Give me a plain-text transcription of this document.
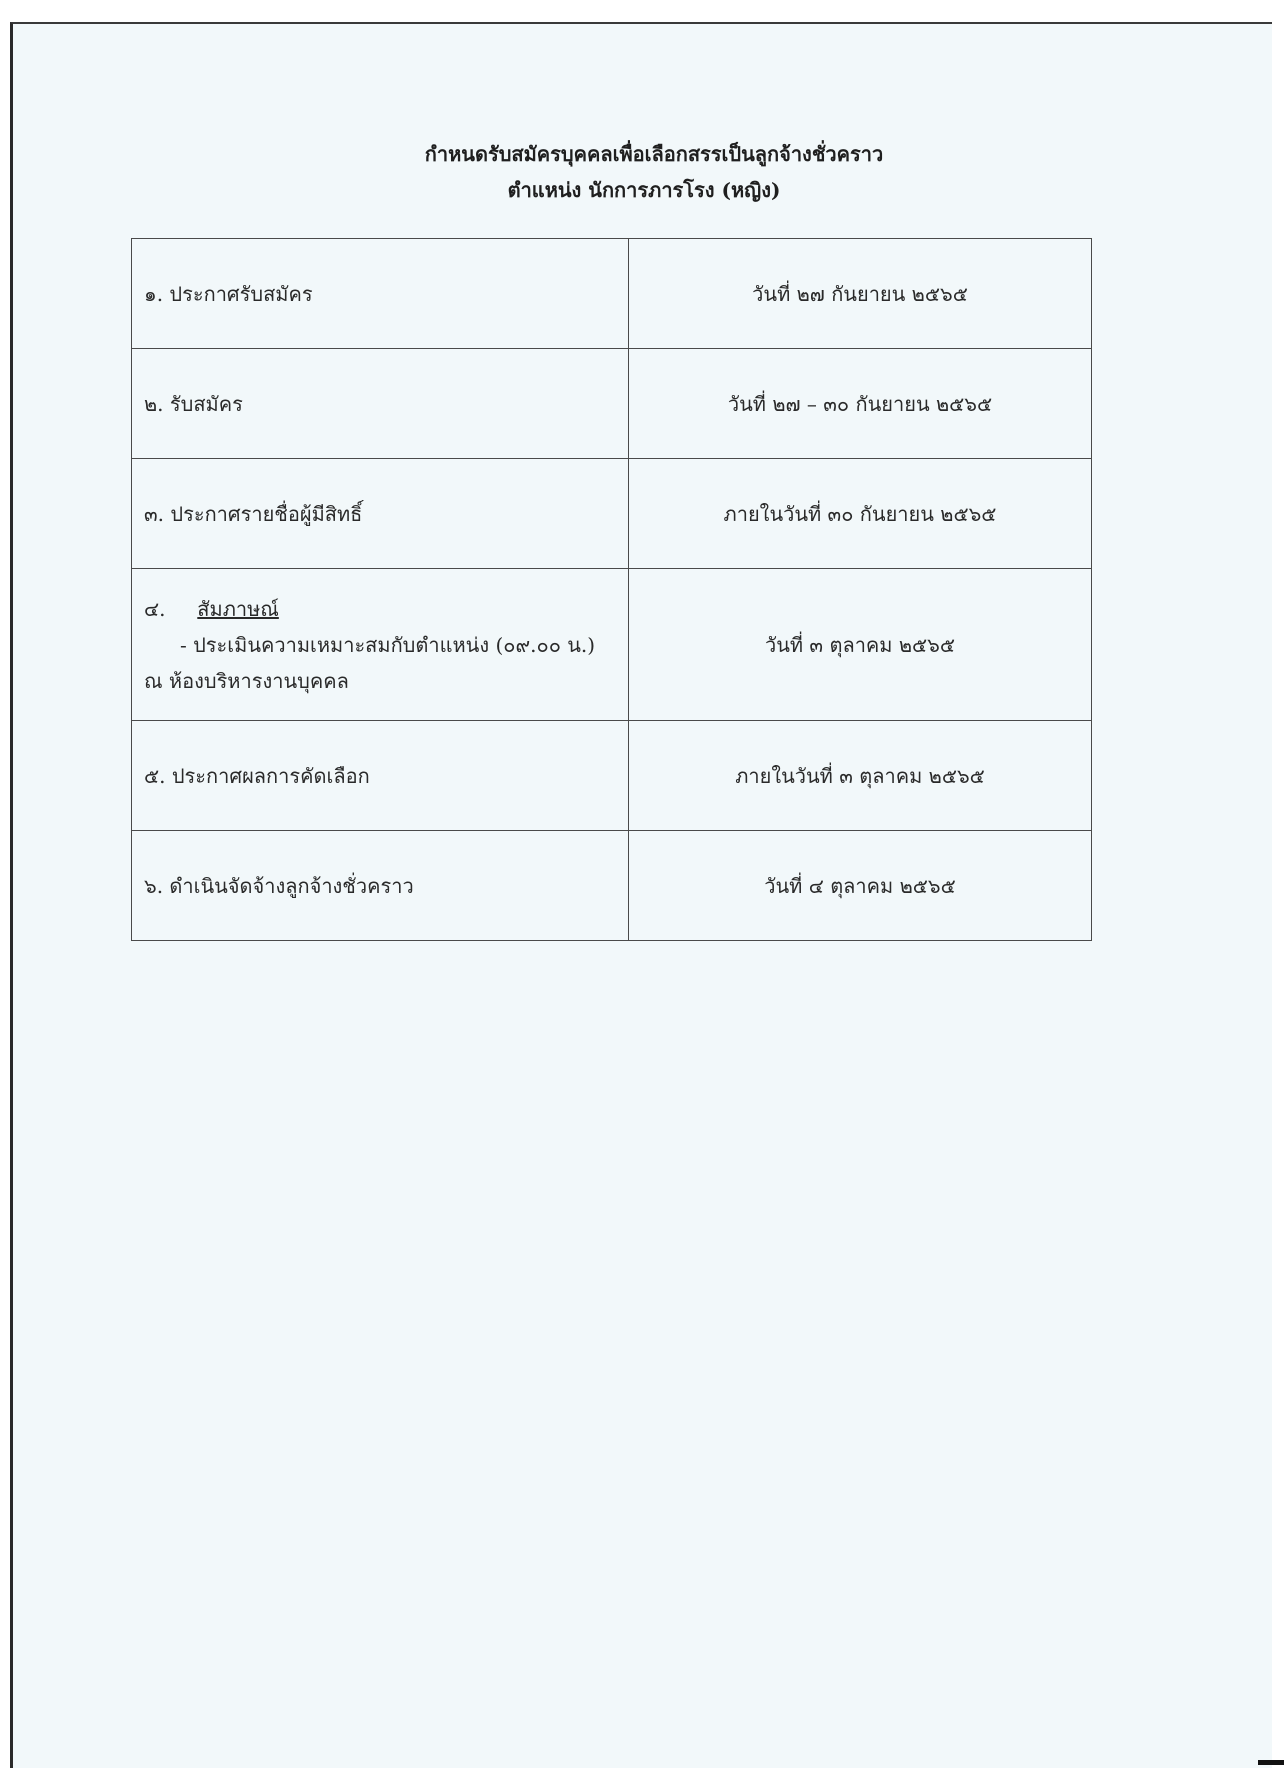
กำหนดรับสมัครบุคคลเพื่อเลือกสรรเป็นลูกจ้างชั่วคราว
ตำแหน่ง นักการภารโรง (หญิง)
๑. ประกาศรับสมัคร	วันที่ ๒๗ กันยายน ๒๕๖๕
๒. รับสมัคร	วันที่ ๒๗ – ๓๐ กันยายน ๒๕๖๕
๓. ประกาศรายชื่อผู้มีสิทธิ์	ภายในวันที่ ๓๐ กันยายน ๒๕๖๕

๔. สัมภาษณ์
- ประเมินความเหมาะสมกับตำแหน่ง (๐๙.๐๐ น.)
ณ ห้องบริหารงานบุคคล	วันที่ ๓ ตุลาคม ๒๕๖๕
๕. ประกาศผลการคัดเลือก	ภายในวันที่ ๓ ตุลาคม ๒๕๖๕
๖. ดำเนินจัดจ้างลูกจ้างชั่วคราว	วันที่ ๔ ตุลาคม ๒๕๖๕
